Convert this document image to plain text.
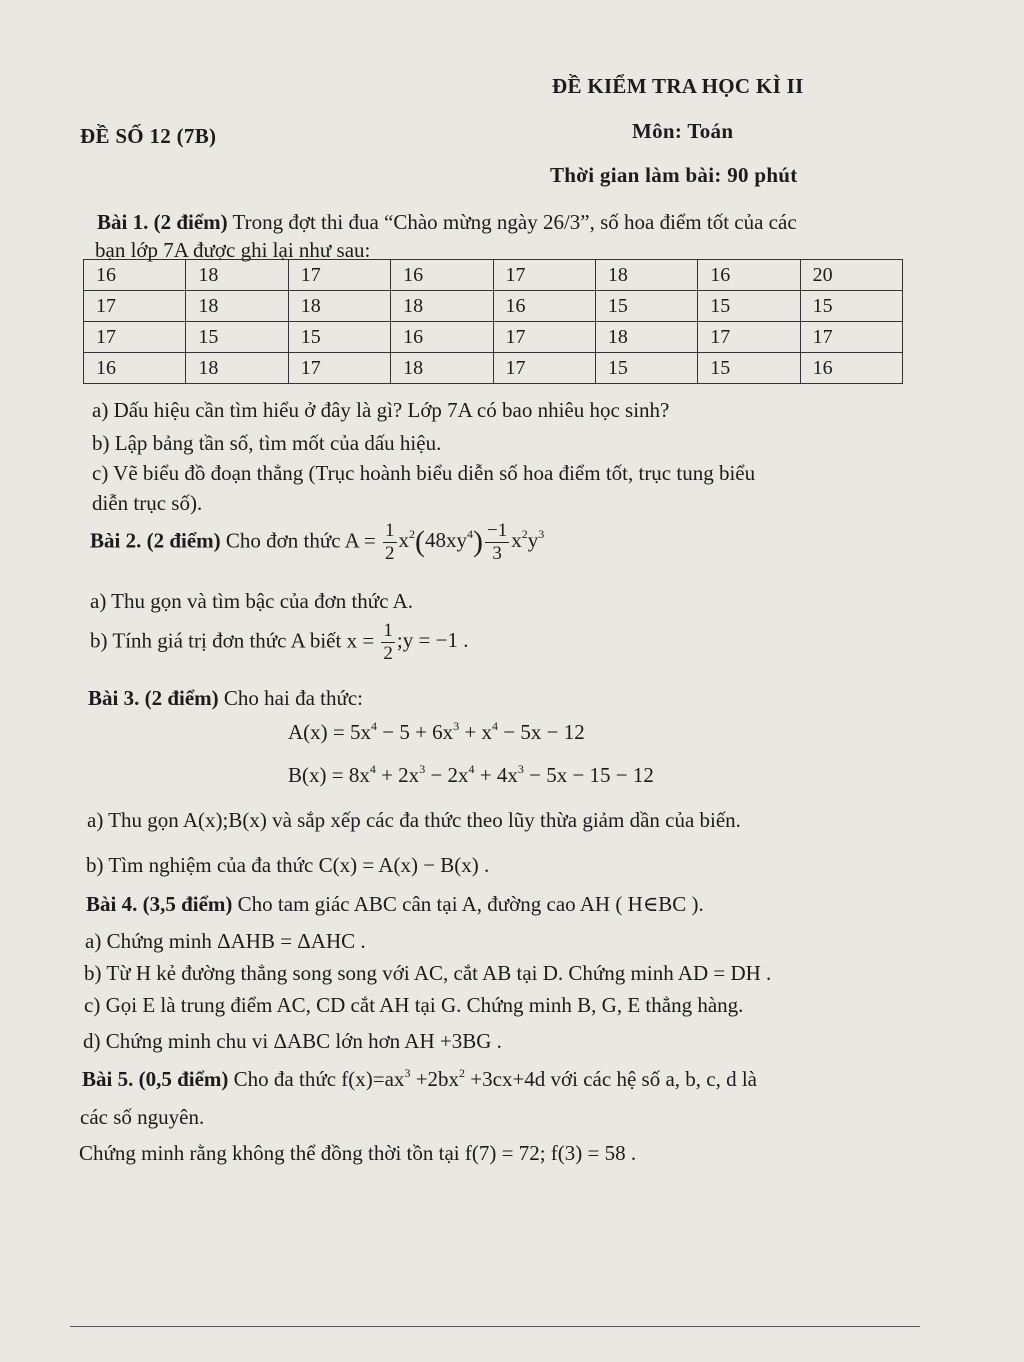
ĐỀ KIỂM TRA HỌC KÌ II
ĐỀ SỐ 12 (7B)	Môn: Toán
Thời gian làm bài: 90 phút
Bài 1. (2 điểm) Trong đợt thi đua “Chào mừng ngày 26/3”, số hoa điểm tốt của các
bạn lớp 7A được ghi lại như sau:
16	18	17	16	17	18	16	20
17	18	18	18	16	15	15	15
17	15	15	16	17	18	17	17
16	18	17	18	17	15	15	16
a) Dấu hiệu cần tìm hiểu ở đây là gì? Lớp 7A có bao nhiêu học sinh?
b) Lập bảng tần số, tìm mốt của dấu hiệu.
c) Vẽ biểu đồ đoạn thẳng (Trục hoành biểu diễn số hoa điểm tốt, trục tung biểu
diễn trục số).
Bài 2. (2 điểm) Cho đơn thức $A = \frac{1}{2} x^2(48xy^4) \frac{-1}{3} x^2y^3$
a) Thu gọn và tìm bậc của đơn thức A.
b) Tính giá trị đơn thức A biết $x = \frac{1}{2}$ ;y = −1 .
Bài 3. (2 điểm) Cho hai đa thức:
$A(x) = 5x^4 - 5 + 6x^3 + x^4 - 5x - 12$
$B(x) = 8x^4 + 2x^3 - 2x^4 + 4x^3 - 5x - 15 - 12$
a) Thu gọn A(x);B(x) và sắp xếp các đa thức theo lũy thừa giảm dần của biến.
b) Tìm nghiệm của đa thức C(x) = A(x) − B(x) .
Bài 4. (3,5 điểm) Cho tam giác ABC cân tại A, đường cao AH ( H∈BC ).
a) Chứng minh ΔAHB = ΔAHC .
b) Từ H kẻ đường thẳng song song với AC, cắt AB tại D. Chứng minh AD = DH .
c) Gọi E là trung điểm AC, CD cắt AH tại G. Chứng minh B, G, E thẳng hàng.
d) Chứng minh chu vi ΔABC lớn hơn AH +3BG .
Bài 5. (0,5 điểm) Cho đa thức $f(x)=ax^3 +2bx^2 +3cx+4d$ với các hệ số a, b, c, d là
các số nguyên.
Chứng minh rằng không thể đồng thời tồn tại f(7) = 72; f(3) = 58 .
